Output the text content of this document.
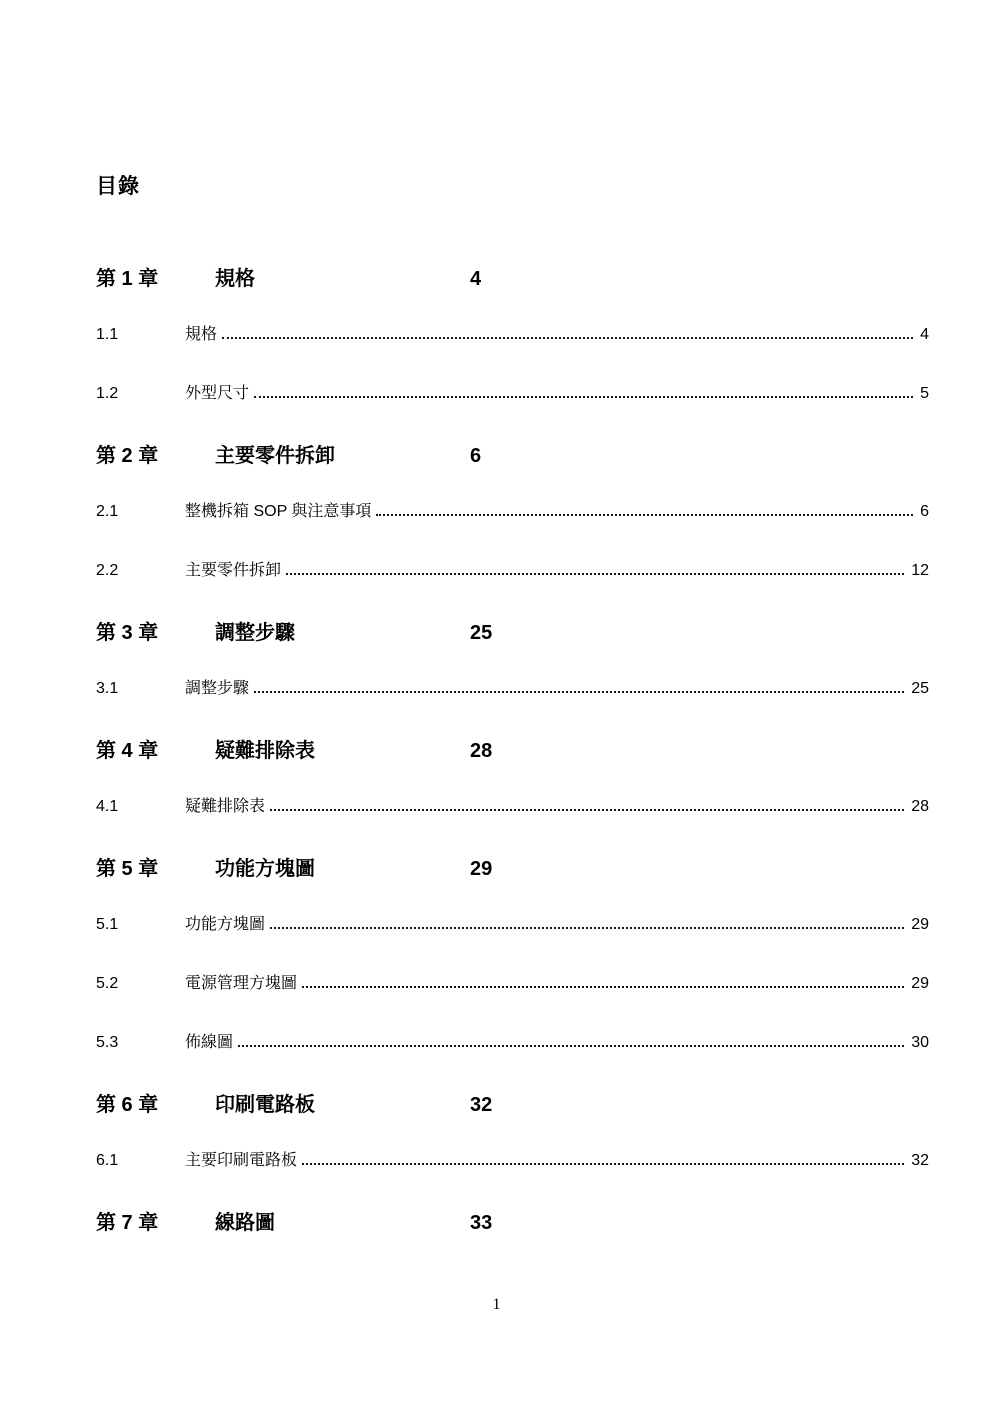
目錄
第 1 章	規格	4
1.1	規格	4
1.2	外型尺寸	5
第 2 章	主要零件拆卸	6
2.1	整機拆箱 SOP 與注意事項	6
2.2	主要零件拆卸	12
第 3 章	調整步驟	25
3.1	調整步驟	25
第 4 章	疑難排除表	28
4.1	疑難排除表	28
第 5 章	功能方塊圖	29
5.1	功能方塊圖	29
5.2	電源管理方塊圖	29
5.3	佈線圖	30
第 6 章	印刷電路板	32
6.1	主要印刷電路板	32
第 7 章	線路圖	33
1
